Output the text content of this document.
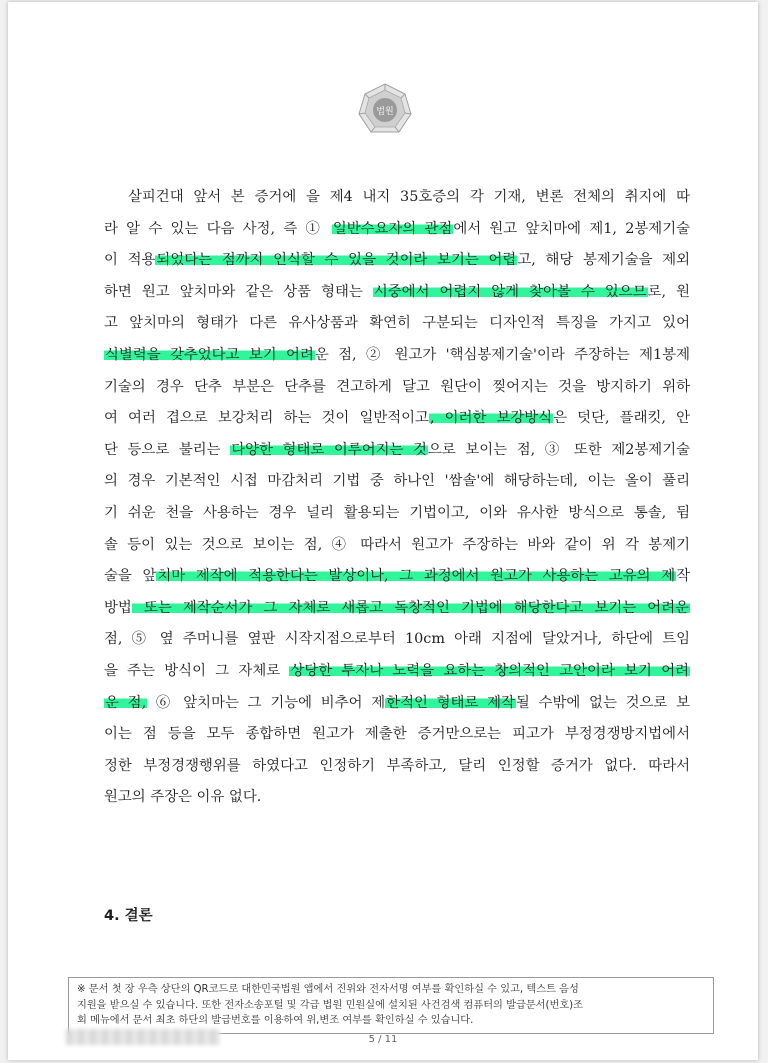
법원
살피건대 앞서 본 증거에 을 제4 내지 35호증의 각 기재, 변론 전체의 취지에 따
라 알 수 있는 다음 사정, 즉 ① 일반수요자의 관점에서 원고 앞치마에 제1, 2봉제기술
이 적용되었다는 점까지 인식할 수 있을 것이라 보기는 어렵고, 해당 봉제기술을 제외
하면 원고 앞치마와 같은 상품 형태는 시중에서 어렵지 않게 찾아볼 수 있으므로, 원
고 앞치마의 형태가 다른 유사상품과 확연히 구분되는 디자인적 특징을 가지고 있어
식별력을 갖추었다고 보기 어려운 점, ② 원고가 '핵심봉제기술'이라 주장하는 제1봉제
기술의 경우 단추 부분은 단추를 견고하게 달고 원단이 찢어지는 것을 방지하기 위하
여 여러 겹으로 보강처리 하는 것이 일반적이고, 이러한 보강방식은 덧단, 플래킷, 안
단 등으로 불리는 다양한 형태로 이루어지는 것으로 보이는 점, ③ 또한 제2봉제기술
의 경우 기본적인 시접 마감처리 기법 중 하나인 '쌈솔'에 해당하는데, 이는 올이 풀리
기 쉬운 천을 사용하는 경우 널리 활용되는 기법이고, 이와 유사한 방식으로 통솔, 뒴
솔 등이 있는 것으로 보이는 점, ④ 따라서 원고가 주장하는 바와 같이 위 각 봉제기
술을 앞치마 제작에 적용한다는 발상이나, 그 과정에서 원고가 사용하는 고유의 제작
방법 또는 제작순서가 그 자체로 새롭고 독창적인 기법에 해당한다고 보기는 어려운
점, ⑤ 옆 주머니를 옆판 시작지점으로부터 10cm 아래 지점에 달았거나, 하단에 트임
을 주는 방식이 그 자체로 상당한 투자나 노력을 요하는 창의적인 고안이라 보기 어려
운 점, ⑥ 앞치마는 그 기능에 비추어 제한적인 형태로 제작될 수밖에 없는 것으로 보
이는 점 등을 모두 종합하면 원고가 제출한 증거만으로는 피고가 부정경쟁방지법에서
정한 부정경쟁행위를 하였다고 인정하기 부족하고, 달리 인정할 증거가 없다. 따라서
원고의 주장은 이유 없다.
4. 결론
※ 문서 첫 장 우측 상단의 QR코드로 대한민국법원 앱에서 진위와 전자서명 여부를 확인하실 수 있고, 텍스트 음성
지원을 받으실 수 있습니다. 또한 전자소송포털 및 각급 법원 민원실에 설치된 사건검색 컴퓨터의 발급문서(번호)조
회 메뉴에서 문서 최초 하단의 발급번호를 이용하여 위,변조 여부를 확인하실 수 있습니다.
5 / 11
